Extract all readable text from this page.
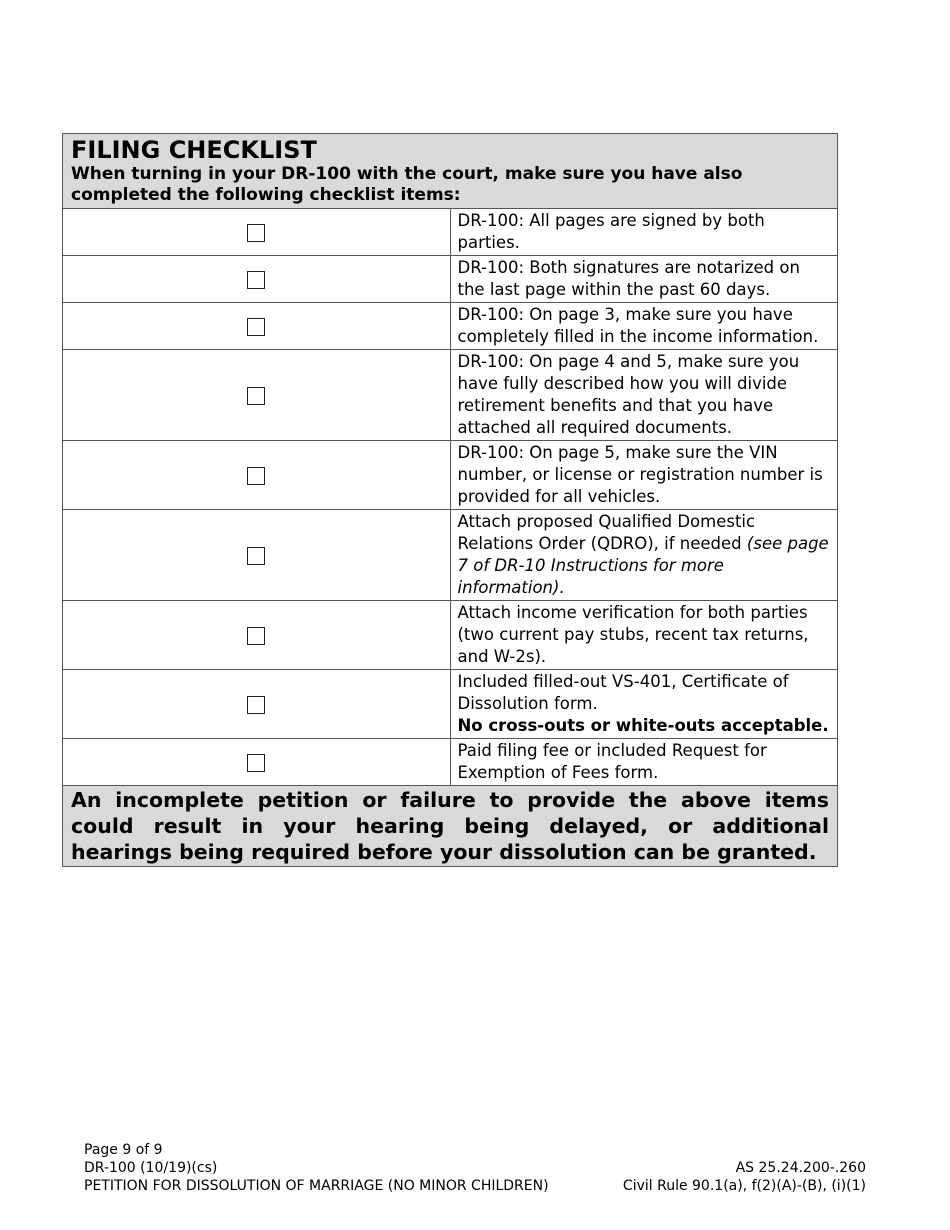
FILING CHECKLIST
When turning in your DR-100 with the court, make sure you have also completed the following checklist items:	

	DR-100: All pages are signed by both parties.
	DR-100: Both signatures are notarized on the last page within the past 60 days.
	DR-100: On page 3, make sure you have completely filled in the income information.
	DR-100: On page 4 and 5, make sure you have fully described how you will divide retirement benefits and that you have attached all required documents.
	DR-100: On page 5, make sure the VIN number, or license or registration number is provided for all vehicles.
	Attach proposed Qualified Domestic Relations Order (QDRO), if needed (see page 7 of DR-10 Instructions for more information).
	Attach income verification for both parties (two current pay stubs, recent tax returns, and W-2s).
	Included filled-out VS-401, Certificate of Dissolution form.
No cross-outs or white-outs acceptable.
	Paid filing fee or included Request for Exemption of Fees form.
An incomplete petition or failure to provide the above items could result in your hearing being delayed, or additional hearings being required before your dissolution can be granted.	
Page 9 of 9
DR-100 (10/19)(cs)
PETITION FOR DISSOLUTION OF MARRIAGE (NO MINOR CHILDREN)
AS 25.24.200-.260
Civil Rule 90.1(a), f(2)(A)-(B), (i)(1)
